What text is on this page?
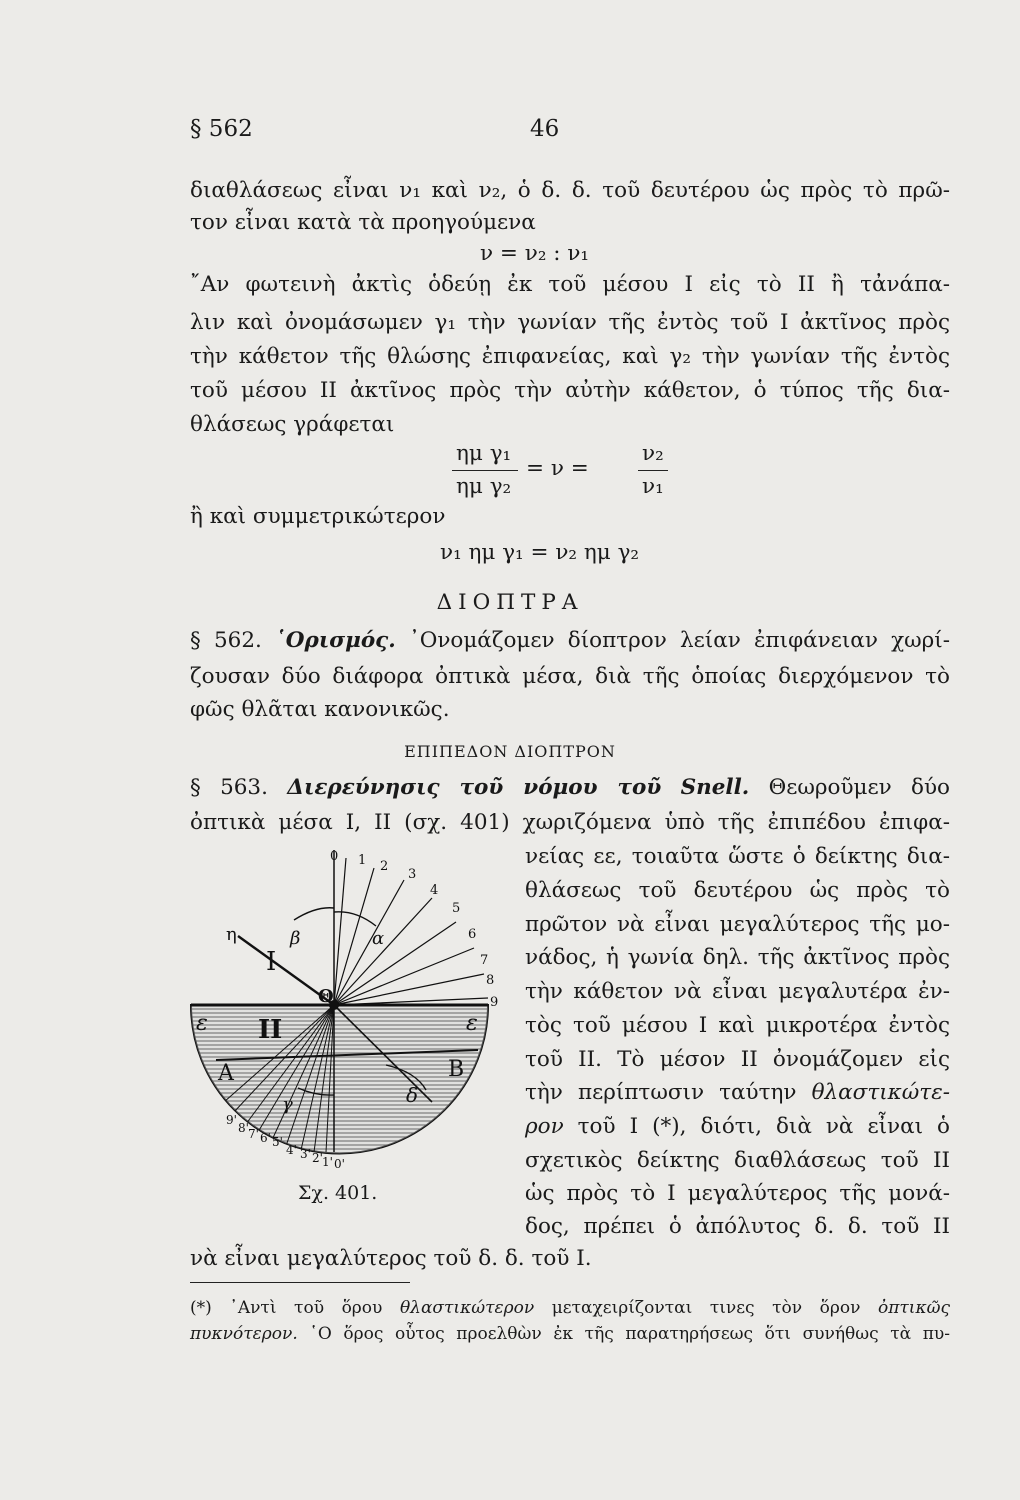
§ 562	46
διαθλάσεως εἶναι ν₁ καὶ ν₂, ὁ δ. δ. τοῦ δευτέρου ὡς πρὸς τὸ πρῶ-
τον εἶναι κατὰ τὰ προηγούμενα
ν = ν₂ : ν₁
῎Αν φωτεινὴ ἀκτὶς ὁδεύῃ ἐκ τοῦ μέσου Ι εἰς τὸ ΙΙ ἢ τἀνάπα-
λιν καὶ ὀνομάσωμεν γ₁ τὴν γωνίαν τῆς ἐντὸς τοῦ Ι ἀκτῖνος πρὸς
τὴν κάθετον τῆς θλώσης ἐπιφανείας, καὶ γ₂ τὴν γωνίαν τῆς ἐντὸς
τοῦ μέσου ΙΙ ἀκτῖνος πρὸς τὴν αὐτὴν κάθετον, ὁ τύπος τῆς δια-
θλάσεως γράφεται
ημ γ₁
ημ γ₂
= ν =
ν₂
ν₁
ἢ καὶ συμμετρικώτερον
ν₁ ημ γ₁ = ν₂ ημ γ₂
ΔΙΟΠΤΡΑ
§ 562. ῾Ορισμός. ᾿Ονομάζομεν δίοπτρον λείαν ἐπιφάνειαν χωρί-
ζουσαν δύο διάφορα ὀπτικὰ μέσα, διὰ τῆς ὁποίας διερχόμενον τὸ
φῶς θλᾶται κανονικῶς.
ΕΠΙΠΕΔΟΝ ΔΙΟΠΤΡΟΝ
§ 563. Διερεύνησις τοῦ νόμου τοῦ Snell. Θεωροῦμεν δύο
ὀπτικὰ μέσα Ι, ΙΙ (σχ. 401) χωριζόμενα ὑπὸ τῆς ἐπιπέδου ἐπιφα-
νείας εε, τοιαῦτα ὥστε ὁ δείκτης δια-
θλάσεως τοῦ δευτέρου ὡς πρὸς τὸ
πρῶτον νὰ εἶναι μεγαλύτερος τῆς μο-
νάδος, ἡ γωνία δηλ. τῆς ἀκτῖνος πρὸς
τὴν κάθετον νὰ εἶναι μεγαλυτέρα ἐν-
τὸς τοῦ μέσου Ι καὶ μικροτέρα ἐντὸς
τοῦ ΙΙ. Τὸ μέσον ΙΙ ὀνομάζομεν εἰς
τὴν περίπτωσιν ταύτην θλαστικώτε-
ρον τοῦ Ι (*), διότι, διὰ νὰ εἶναι ὁ
σχετικὸς δείκτης διαθλάσεως τοῦ ΙΙ
ὡς πρὸς τὸ Ι μεγαλύτερος τῆς μονά-
δος, πρέπει ὁ ἀπόλυτος δ. δ. τοῦ ΙΙ
νὰ εἶναι μεγαλύτερος τοῦ δ. δ. τοῦ Ι.
η
I
II
Θ
ε	ε
A	B
β	α
δ
γ
0 1 2
3
4
5
6
7
8
9
9'
8' 7' 6' 5'
4' 3' 2' 1' 0'
Σχ. 401.
(*) ᾿Αντὶ τοῦ ὅρου θλαστικώτερον μεταχειρίζονται τινες τὸν ὅρον ὀπτικῶς
πυκνότερον. ῾Ο ὅρος οὗτος προελθὼν ἐκ τῆς παρατηρήσεως ὅτι συνήθως τὰ πυ-
